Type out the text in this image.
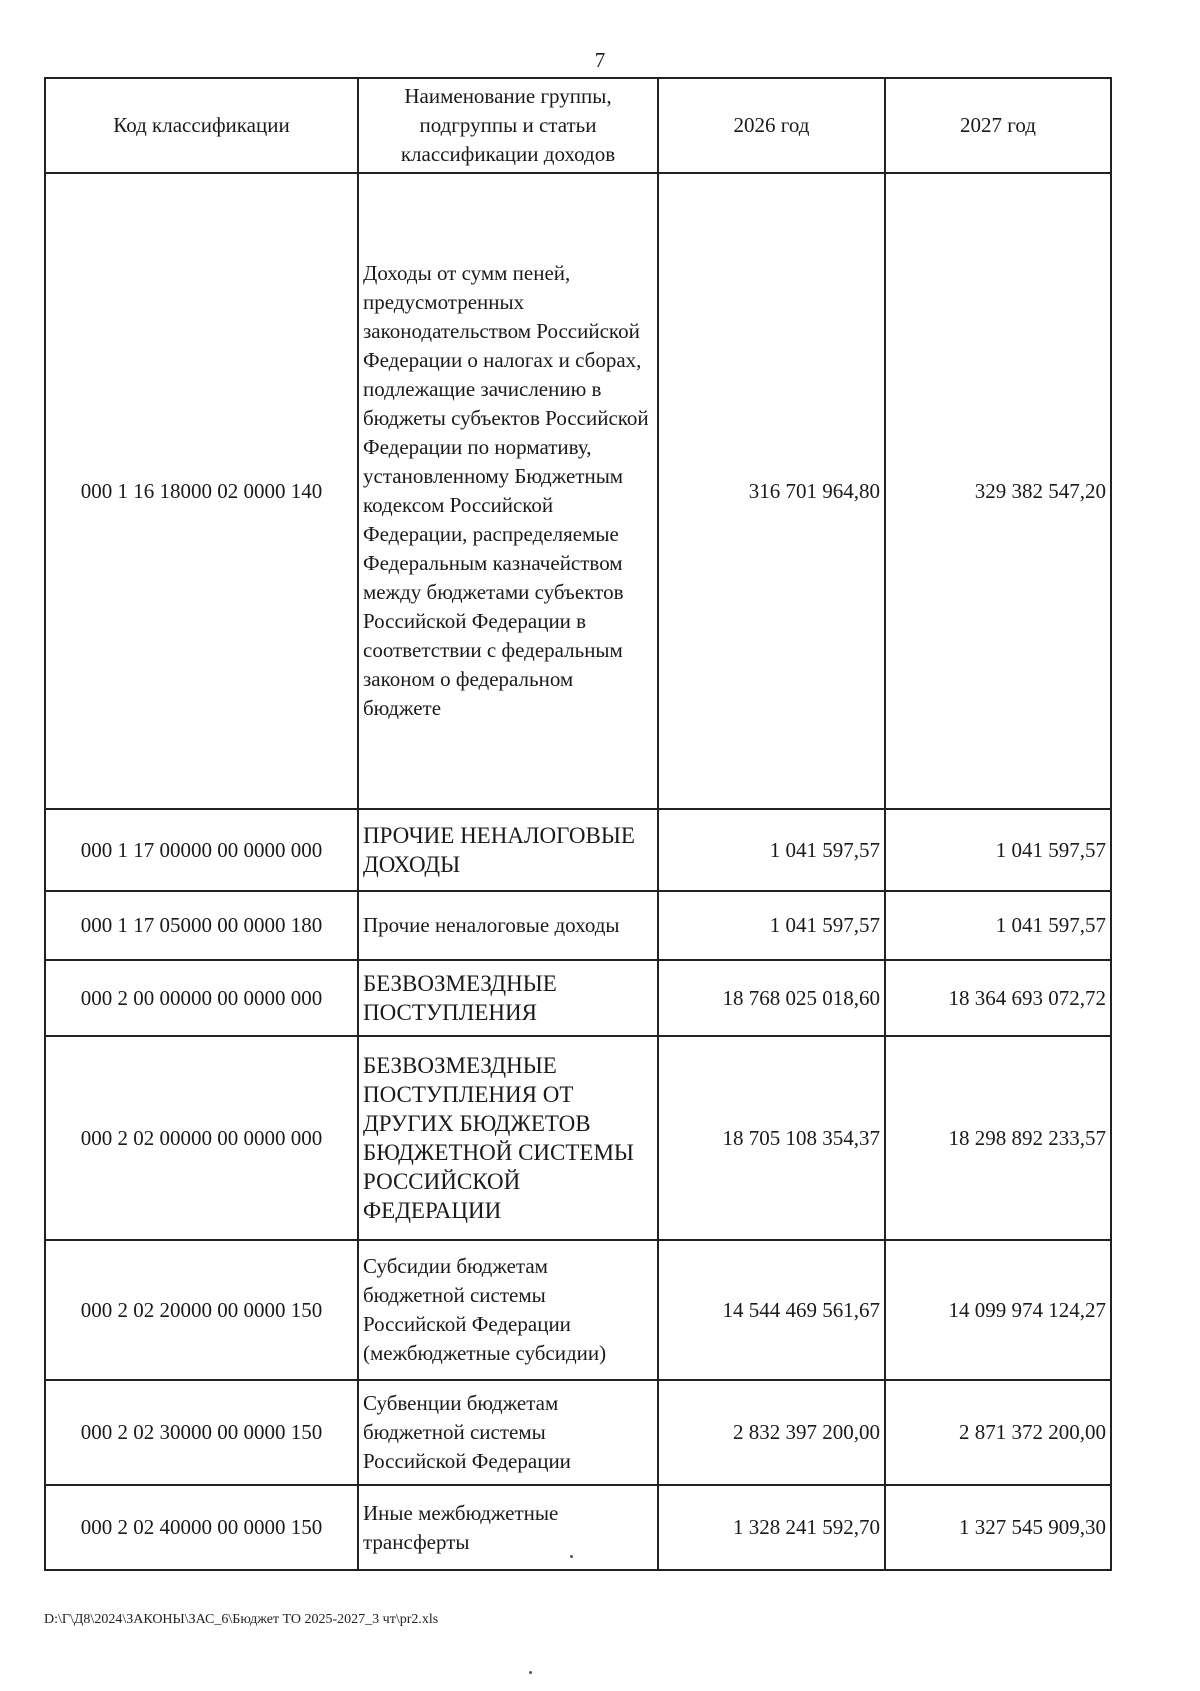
7
Код классификации	Наименование группы, подгруппы и статьи классификации доходов	2026 год	2027 год
000 1 16 18000 02 0000 140	Доходы от сумм пеней, предусмотренных законодательством Российской Федерации о налогах и сборах, подлежащие зачислению в бюджеты субъектов Российской Федерации по нормативу, установленному Бюджетным кодексом Российской Федерации, распределяемые Федеральным казначейством между бюджетами субъектов Российской Федерации в соответствии с федеральным законом о федеральном бюджете	316 701 964,80	329 382 547,20
000 1 17 00000 00 0000 000	ПРОЧИЕ НЕНАЛОГОВЫЕ ДОХОДЫ	1 041 597,57	1 041 597,57
000 1 17 05000 00 0000 180	Прочие неналоговые доходы	1 041 597,57	1 041 597,57
000 2 00 00000 00 0000 000	БЕЗВОЗМЕЗДНЫЕ ПОСТУПЛЕНИЯ	18 768 025 018,60	18 364 693 072,72
000 2 02 00000 00 0000 000	БЕЗВОЗМЕЗДНЫЕ ПОСТУПЛЕНИЯ ОТ ДРУГИХ БЮДЖЕТОВ БЮДЖЕТНОЙ СИСТЕМЫ РОССИЙСКОЙ ФЕДЕРАЦИИ	18 705 108 354,37	18 298 892 233,57
000 2 02 20000 00 0000 150	Субсидии бюджетам бюджетной системы Российской Федерации (межбюджетные субсидии)	14 544 469 561,67	14 099 974 124,27
000 2 02 30000 00 0000 150	Субвенции бюджетам бюджетной системы Российской Федерации	2 832 397 200,00	2 871 372 200,00
000 2 02 40000 00 0000 150	Иные межбюджетные трансферты	1 328 241 592,70	1 327 545 909,30
D:\Г\Д8\2024\ЗАКОНЫ\ЗАС_6\Бюджет ТО 2025-2027_3 чт\pr2.xls
